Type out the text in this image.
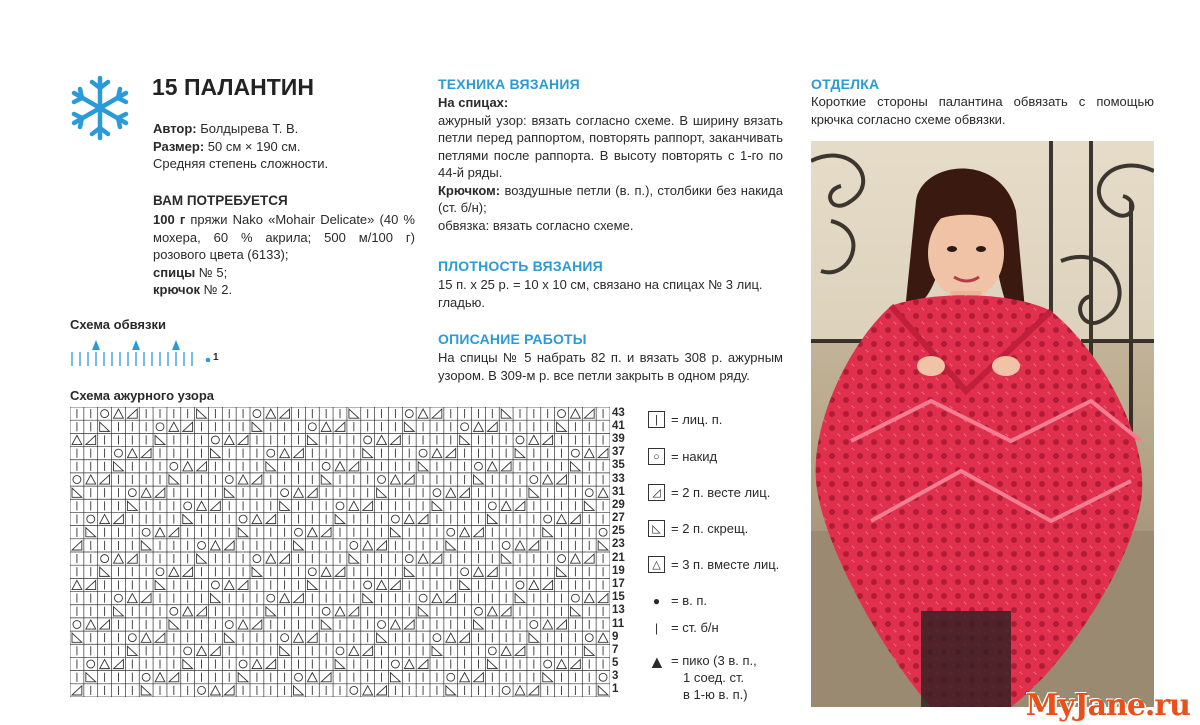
15 ПАЛАНТИН

Автор: Болдырева Т. В.

Размер: 50 см × 190 см.

Средняя степень сложности.

ВАМ ПОТРЕБУЕТСЯ

100 г пряжи Nako «Mohair Delicate» (40 % мохера, 60 % акрила; 500 м/100 г) розового цвета (6133);

спицы № 5;

крючок № 2.

Схема обвязки
1
Схема ажурного узора
43
41
39
37
35
33
31
29
27
25
23
21
19
17
15
13
11
9
7
5
3
1
|	= лиц. п.
○ = накид
◿ = 2 п. весте лиц.
◺ = 2 п. скрещ.
△ = 3 п. вместе лиц.
● = в. п.
| = ст. б/н
▲ = пико (3 в. п.,
1 соед. ст.
в 1-ю в. п.)
ТЕХНИКА ВЯЗАНИЯ

На спицах:

ажурный узор: вязать согласно схеме. В ширину вязать петли перед раппортом, повторять раппорт, заканчивать петлями после раппорта. В высоту повторять с 1-го по 44-й ряды.

Крючком: воздушные петли (в. п.), столбики без накида (ст. б/н);

обвязка: вязать согласно схеме.

ПЛОТНОСТЬ ВЯЗАНИЯ
15 п. х 25 р. = 10 х 10 см, связано на спицах № 3 лиц. гладью.
ОПИСАНИЕ РАБОТЫ
На спицы № 5 набрать 82 п. и вязать 308 р. ажурным узором. В 309-м р. все петли закрыть в одном ряду.
ОТДЕЛКА
Короткие стороны палантина обвязать с помощью крючка согласно схеме обвязки.
MyJane.ru
